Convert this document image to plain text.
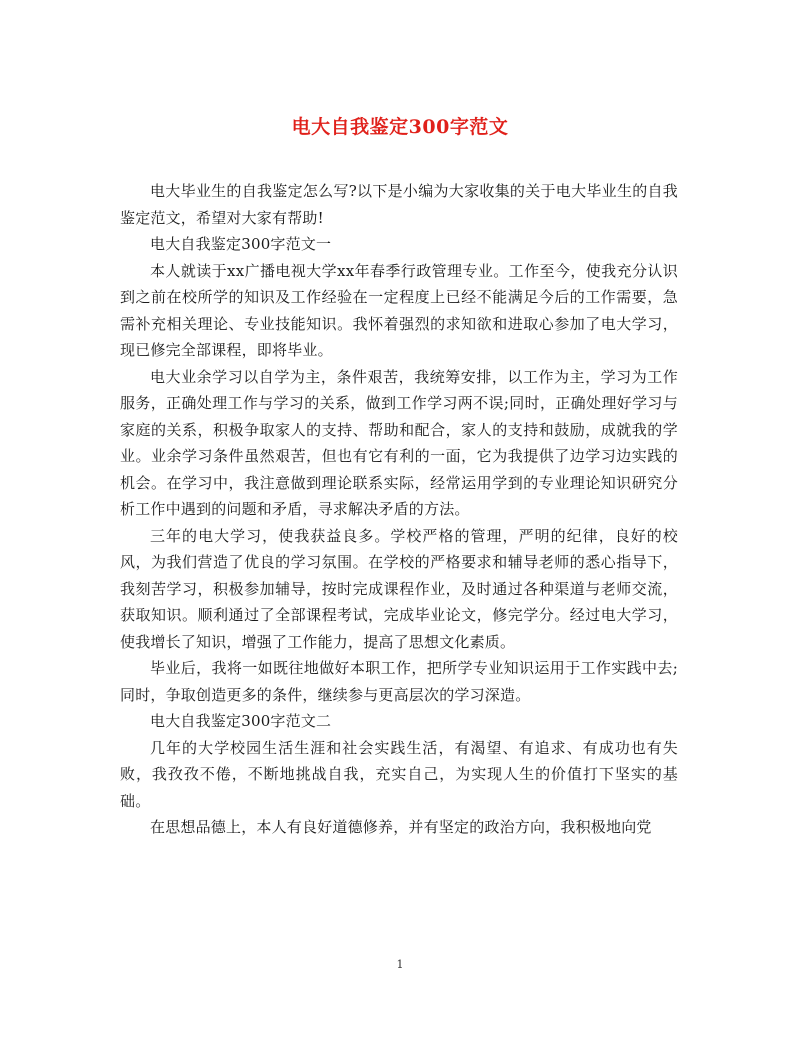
电大自我鉴定300字范文

电大毕业生的自我鉴定怎么写?以下是小编为大家收集的关于电大毕业生的自我鉴定范文，希望对大家有帮助!

电大自我鉴定300字范文一

本人就读于xx广播电视大学xx年春季行政管理专业。工作至今，使我充分认识到之前在校所学的知识及工作经验在一定程度上已经不能满足今后的工作需要，急需补充相关理论、专业技能知识。我怀着强烈的求知欲和进取心参加了电大学习，现已修完全部课程，即将毕业。

电大业余学习以自学为主，条件艰苦，我统筹安排，以工作为主，学习为工作服务，正确处理工作与学习的关系，做到工作学习两不误;同时，正确处理好学习与家庭的关系，积极争取家人的支持、帮助和配合，家人的支持和鼓励，成就我的学业。业余学习条件虽然艰苦，但也有它有利的一面，它为我提供了边学习边实践的机会。在学习中，我注意做到理论联系实际，经常运用学到的专业理论知识研究分析工作中遇到的问题和矛盾，寻求解决矛盾的方法。

三年的电大学习，使我获益良多。学校严格的管理，严明的纪律，良好的校风，为我们营造了优良的学习氛围。在学校的严格要求和辅导老师的悉心指导下，我刻苦学习，积极参加辅导，按时完成课程作业，及时通过各种渠道与老师交流，获取知识。顺利通过了全部课程考试，完成毕业论文，修完学分。经过电大学习，使我增长了知识，增强了工作能力，提高了思想文化素质。

毕业后，我将一如既往地做好本职工作，把所学专业知识运用于工作实践中去;同时，争取创造更多的条件，继续参与更高层次的学习深造。

电大自我鉴定300字范文二

几年的大学校园生活生涯和社会实践生活，有渴望、有追求、有成功也有失败，我孜孜不倦，不断地挑战自我，充实自己，为实现人生的价值打下坚实的基础。

在思想品德上，本人有良好道德修养，并有坚定的政治方向，我积极地向党

1
